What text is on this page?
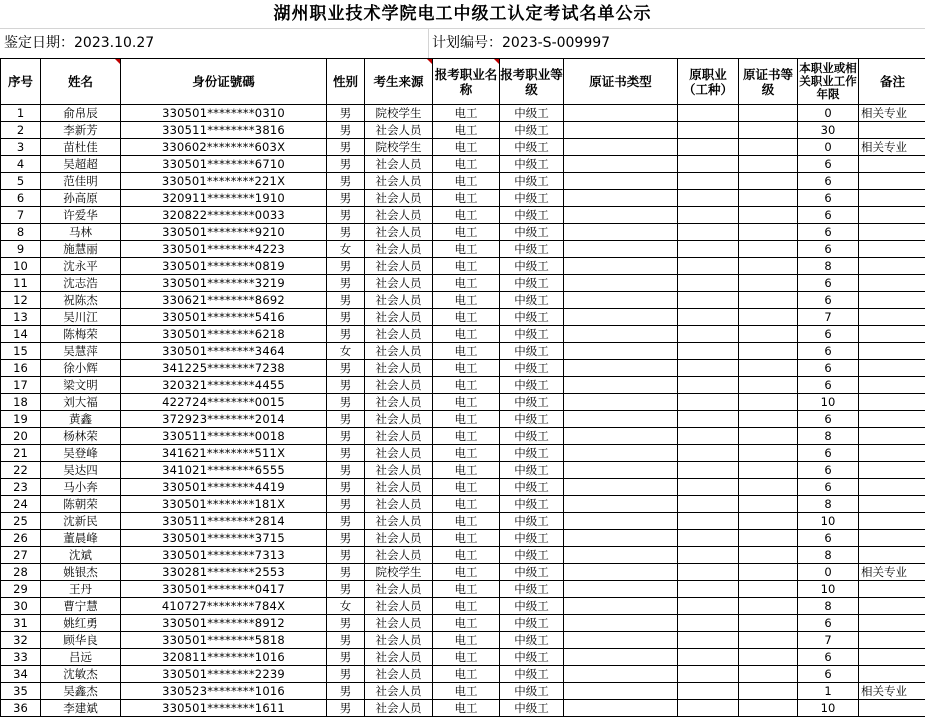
湖州职业技术学院电工中级工认定考试名单公示
鉴定日期：2023.10.27	计划编号：2023-S-009997
序号	姓名	身份证號碼	性别	考生来源	报考职业名称	报考职业等级	原证书类型	原职业（工种）	原证书等级	本职业或相关职业工作年限	备注
1	俞帛辰	330501********0310	男	院校学生	电工	中级工				0	相关专业
2	李新芳	330511********3816	男	社会人员	电工	中级工				30	
3	苗杜佳	330602********603X	男	院校学生	电工	中级工				0	相关专业
4	吴超超	330501********6710	男	社会人员	电工	中级工				6	
5	范佳明	330501********221X	男	社会人员	电工	中级工				6	
6	孙高原	320911********1910	男	社会人员	电工	中级工				6	
7	许爱华	320822********0033	男	社会人员	电工	中级工				6	
8	马林	330501********9210	男	社会人员	电工	中级工				6	
9	施慧丽	330501********4223	女	社会人员	电工	中级工				6	
10	沈永平	330501********0819	男	社会人员	电工	中级工				8	
11	沈志浩	330501********3219	男	社会人员	电工	中级工				6	
12	祝陈杰	330621********8692	男	社会人员	电工	中级工				6	
13	吴川江	330501********5416	男	社会人员	电工	中级工				7	
14	陈梅荣	330501********6218	男	社会人员	电工	中级工				6	
15	吴慧萍	330501********3464	女	社会人员	电工	中级工				6	
16	徐小辉	341225********7238	男	社会人员	电工	中级工				6	
17	梁文明	320321********4455	男	社会人员	电工	中级工				6	
18	刘大福	422724********0015	男	社会人员	电工	中级工				10	
19	黄鑫	372923********2014	男	社会人员	电工	中级工				6	
20	杨林荣	330511********0018	男	社会人员	电工	中级工				8	
21	吴登峰	341621********511X	男	社会人员	电工	中级工				6	
22	吴达四	341021********6555	男	社会人员	电工	中级工				6	
23	马小奔	330501********4419	男	社会人员	电工	中级工				6	
24	陈朝荣	330501********181X	男	社会人员	电工	中级工				8	
25	沈新民	330511********2814	男	社会人员	电工	中级工				10	
26	董晨峰	330501********3715	男	社会人员	电工	中级工				6	
27	沈斌	330501********7313	男	社会人员	电工	中级工				8	
28	姚银杰	330281********2553	男	院校学生	电工	中级工				0	相关专业
29	王丹	330501********0417	男	社会人员	电工	中级工				10	
30	曹宁慧	410727********784X	女	社会人员	电工	中级工				8	
31	姚红勇	330501********8912	男	社会人员	电工	中级工				6	
32	顾华良	330501********5818	男	社会人员	电工	中级工				7	
33	吕远	320811********1016	男	社会人员	电工	中级工				6	
34	沈敏杰	330501********2239	男	社会人员	电工	中级工				6	
35	吴鑫杰	330523********1016	男	社会人员	电工	中级工				1	相关专业
36	李建斌	330501********1611	男	社会人员	电工	中级工				10	
